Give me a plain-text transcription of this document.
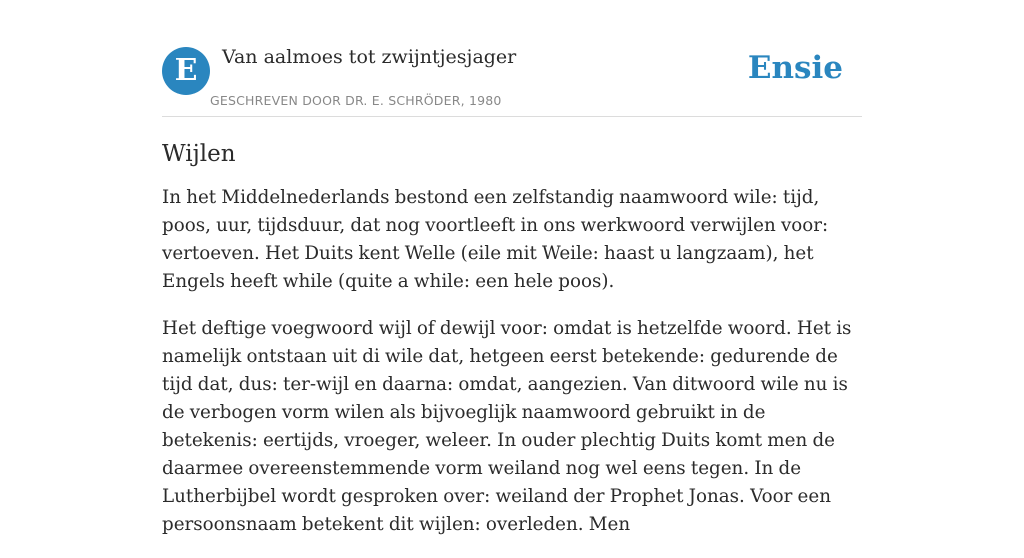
E	Van aalmoes tot zwijntjesjager
GESCHREVEN DOOR DR. E. SCHRÖDER, 1980
Ensie
Wijlen

In het Middelnederlands bestond een zelfstandig naamwoord wile: tijd, poos, uur, tijdsduur, dat nog voortleeft in ons werkwoord verwijlen voor: vertoeven. Het Duits kent Welle (eile mit Weile: haast u langzaam), het Engels heeft while (quite a while: een hele poos).

Het deftige voegwoord wijl of dewijl voor: omdat is hetzelfde woord. Het is namelijk ontstaan uit di wile dat, hetgeen eerst betekende: gedurende de tijd dat, dus: ter-wijl en daarna: omdat, aangezien. Van ditwoord wile nu is de verbogen vorm wilen als bijvoeglijk naamwoord gebruikt in de betekenis: eertijds, vroeger, weleer. In ouder plechtig Duits komt men de daarmee overeenstemmende vorm weiland nog wel eens tegen. In de Lutherbijbel wordt gesproken over: weiland der Prophet Jonas. Voor een persoonsnaam betekent dit wijlen: overleden. Men
